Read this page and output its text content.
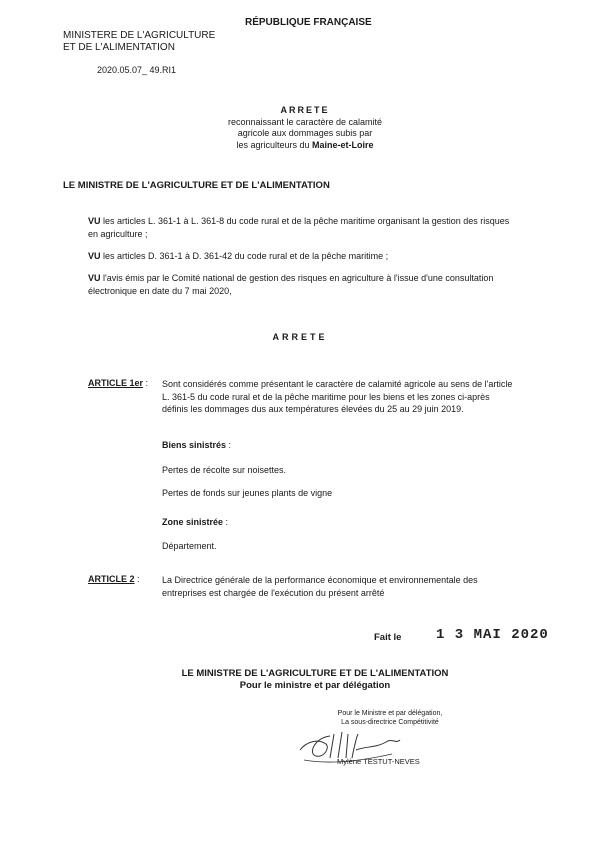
RÉPUBLIQUE FRANÇAISE
MINISTERE DE L'AGRICULTURE
ET DE L'ALIMENTATION
2020.05.07_ 49.RI1
ARRETE
reconnaissant le caractère de calamité
agricole aux dommages subis par
les agriculteurs du Maine-et-Loire
LE MINISTRE DE L'AGRICULTURE ET DE L'ALIMENTATION
VU les articles L. 361-1 à L. 361-8 du code rural et de la pêche maritime organisant la gestion des risques en agriculture ;
VU les articles D. 361-1 à D. 361-42 du code rural et de la pêche maritime ;
VU l'avis émis par le Comité national de gestion des risques en agriculture à l'issue d'une consultation électronique en date du 7 mai 2020,
ARRETE
ARTICLE 1er : Sont considérés comme présentant le caractère de calamité agricole au sens de l'article L. 361-5 du code rural et de la pêche maritime pour les biens et les zones ci-après définis les dommages dus aux températures élevées du 25 au 29 juin 2019.
Biens sinistrés :
Pertes de récolte sur noisettes.
Pertes de fonds sur jeunes plants de vigne
Zone sinistrée :
Département.
ARTICLE 2 : La Directrice générale de la performance économique et environnementale des entreprises est chargée de l'exécution du présent arrêté
Fait le 1 3 MAI 2020
LE MINISTRE DE L'AGRICULTURE ET DE L'ALIMENTATION
Pour le ministre et par délégation
Pour le Ministre et par délégation,
La sous-directrice Compétitivité
Mylène TESTUT-NEVES
